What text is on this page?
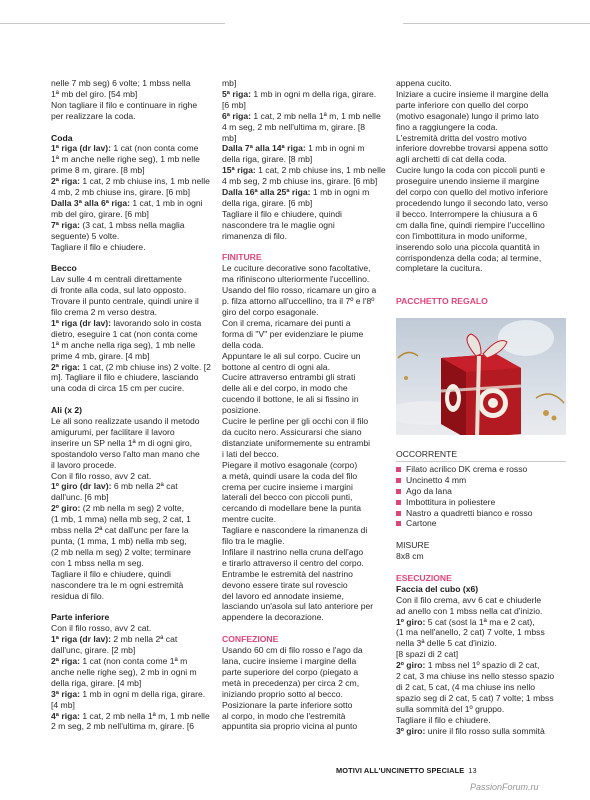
nelle 7 mb seg) 6 volte; 1 mbss nella

1ª mb del giro. [54 mb]

Non tagliare il filo e continuare in righe

per realizzare la coda.

Coda

1ª riga (dr lav): 1 cat (non conta come

1ª m anche nelle righe seg), 1 mb nelle

prime 8 m, girare. [8 mb]

2ª riga: 1 cat, 2 mb chiuse ins, 1 mb nelle

4 mb, 2 mb chiuse ins, girare. [6 mb]

Dalla 3ª alla 6ª riga: 1 cat, 1 mb in ogni

mb del giro, girare. [6 mb]

7ª riga: (3 cat, 1 mbss nella maglia

seguente) 5 volte.

Tagliare il filo e chiudere.

Becco

Lav sulle 4 m centrali direttamente

di fronte alla coda, sul lato opposto.

Trovare il punto centrale, quindi unire il

filo crema 2 m verso destra.

1ª riga (dr lav): lavorando solo in costa

dietro, eseguire 1 cat (non conta come

1ª m anche nella riga seg), 1 mb nelle

prime 4 mb, girare. [4 mb]

2ª riga: 1 cat, (2 mb chiuse ins) 2 volte. [2

m]. Tagliare il filo e chiudere, lasciando

una coda di circa 15 cm per cucire.

Ali (x 2)

Le ali sono realizzate usando il metodo

amigurumi, per facilitare il lavoro

inserire un SP nella 1ª m di ogni giro,

spostandolo verso l'alto man mano che

il lavoro procede.

Con il filo rosso, avv 2 cat.

1º giro (dr lav): 6 mb nella 2ª cat

dall'unc. [6 mb]

2º giro: (2 mb nella m seg) 2 volte,

(1 mb, 1 mma) nella mb seg, 2 cat, 1

mbss nella 2ª cat dall'unc per fare la

punta, (1 mma, 1 mb) nella mb seg,

(2 mb nella m seg) 2 volte; terminare

con 1 mbss nella m seg.

Tagliare il filo e chiudere, quindi

nascondere tra le m ogni estremità

residua di filo.

Parte inferiore

Con il filo rosso, avv 2 cat.

1ª riga (dr lav): 2 mb nella 2ª cat

dall'unc, girare. [2 mb]

2ª riga: 1 cat (non conta come 1ª m

anche nelle righe seg), 2 mb in ogni m

della riga, girare. [4 mb]

3ª riga: 1 mb in ogni m della riga, girare.

[4 mb]

4ª riga: 1 cat, 2 mb nella 1ª m, 1 mb nelle

2 m seg, 2 mb nell'ultima m, girare. [6

mb]

5ª riga: 1 mb in ogni m della riga, girare.

[6 mb]

6ª riga: 1 cat, 2 mb nella 1ª m, 1 mb nelle

4 m seg, 2 mb nell'ultima m, girare. [8

mb]

Dalla 7ª alla 14ª riga: 1 mb in ogni m

della riga, girare. [8 mb]

15ª riga: 1 cat, 2 mb chiuse ins, 1 mb nelle

4 mb seg, 2 mb chiuse ins, girare. [6 mb]

Dalla 16ª alla 25ª riga: 1 mb in ogni m

della riga, girare. [6 mb]

Tagliare il filo e chiudere, quindi

nascondere tra le maglie ogni

rimanenza di filo.

FINITURE

Le cuciture decorative sono facoltative,

ma rifiniscono ulteriormente l'uccellino.

Usando del filo rosso, ricamare un giro a

p. filza attorno all'uccellino, tra il 7º e l'8º

giro del corpo esagonale.

Con il crema, ricamare dei punti a

forma di "V" per evidenziare le piume

della coda.

Appuntare le ali sul corpo. Cucire un

bottone al centro di ogni ala.

Cucire attraverso entrambi gli strati

delle ali e del corpo, in modo che

cucendo il bottone, le ali si fissino in

posizione.

Cucire le perline per gli occhi con il filo

da cucito nero. Assicurarsi che siano

distanziate uniformemente su entrambi

i lati del becco.

Piegare il motivo esagonale (corpo)

a metà, quindi usare la coda del filo

crema per cucire insieme i margini

laterali del becco con piccoli punti,

cercando di modellare bene la punta

mentre cucite.

Tagliare e nascondere la rimanenza di

filo tra le maglie.

Infilare il nastrino nella cruna dell'ago

e tirarlo attraverso il centro del corpo.

Entrambe le estremità del nastrino

devono essere tirate sul rovescio

del lavoro ed annodate insieme,

lasciando un'asola sul lato anteriore per

appendere la decorazione.

CONFEZIONE

Usando 60 cm di filo rosso e l'ago da

lana, cucire insieme i margine della

parte superiore del corpo (piegato a

metà in precedenza) per circa 2 cm,

iniziando proprio sotto al becco.

Posizionare la parte inferiore sotto

al corpo, in modo che l'estremità

appuntita sia proprio vicina al punto

appena cucito.

Iniziare a cucire insieme il margine della

parte inferiore con quello del corpo

(motivo esagonale) lungo il primo lato

fino a raggiungere la coda.

L'estremità dritta del vostro motivo

inferiore dovrebbe trovarsi appena sotto

agli archetti di cat della coda.

Cucire lungo la coda con piccoli punti e

proseguire unendo insieme il margine

del corpo con quello del motivo inferiore

procedendo lungo il secondo lato, verso

il becco. Interrompere la chiusura a 6

cm dalla fine, quindi riempire l'uccellino

con l'imbottitura in modo uniforme,

inserendo solo una piccola quantità in

corrispondenza della coda; al termine,

completare la cucitura.

PACCHETTO REGALO

OCCORRENTE

Filato acrilico DK crema e rosso
Uncinetto 4 mm
Ago da lana
Imbottitura in poliestere
Nastro a quadretti bianco e rosso
Cartone

MISURE

8x8 cm

ESECUZIONE

Faccia del cubo (x6)

Con il filo crema, avv 6 cat e chiuderle

ad anello con 1 mbss nella cat d'inizio.

1º giro: 5 cat (sost la 1ª ma e 2 cat),

(1 ma nell'anello, 2 cat) 7 volte, 1 mbss

nella 3ª delle 5 cat d'inizio.

[8 spazi di 2 cat]

2º giro: 1 mbss nel 1º spazio di 2 cat,

2 cat, 3 ma chiuse ins nello stesso spazio

di 2 cat, 5 cat, (4 ma chiuse ins nello

spazio seg di 2 cat, 5 cat) 7 volte; 1 mbss

sulla sommità del 1º gruppo.

Tagliare il filo e chiudere.

3º giro: unire il filo rosso sulla sommità

MOTIVI ALL'UNCINETTO SPECIALE 13
PassionForum.ru
